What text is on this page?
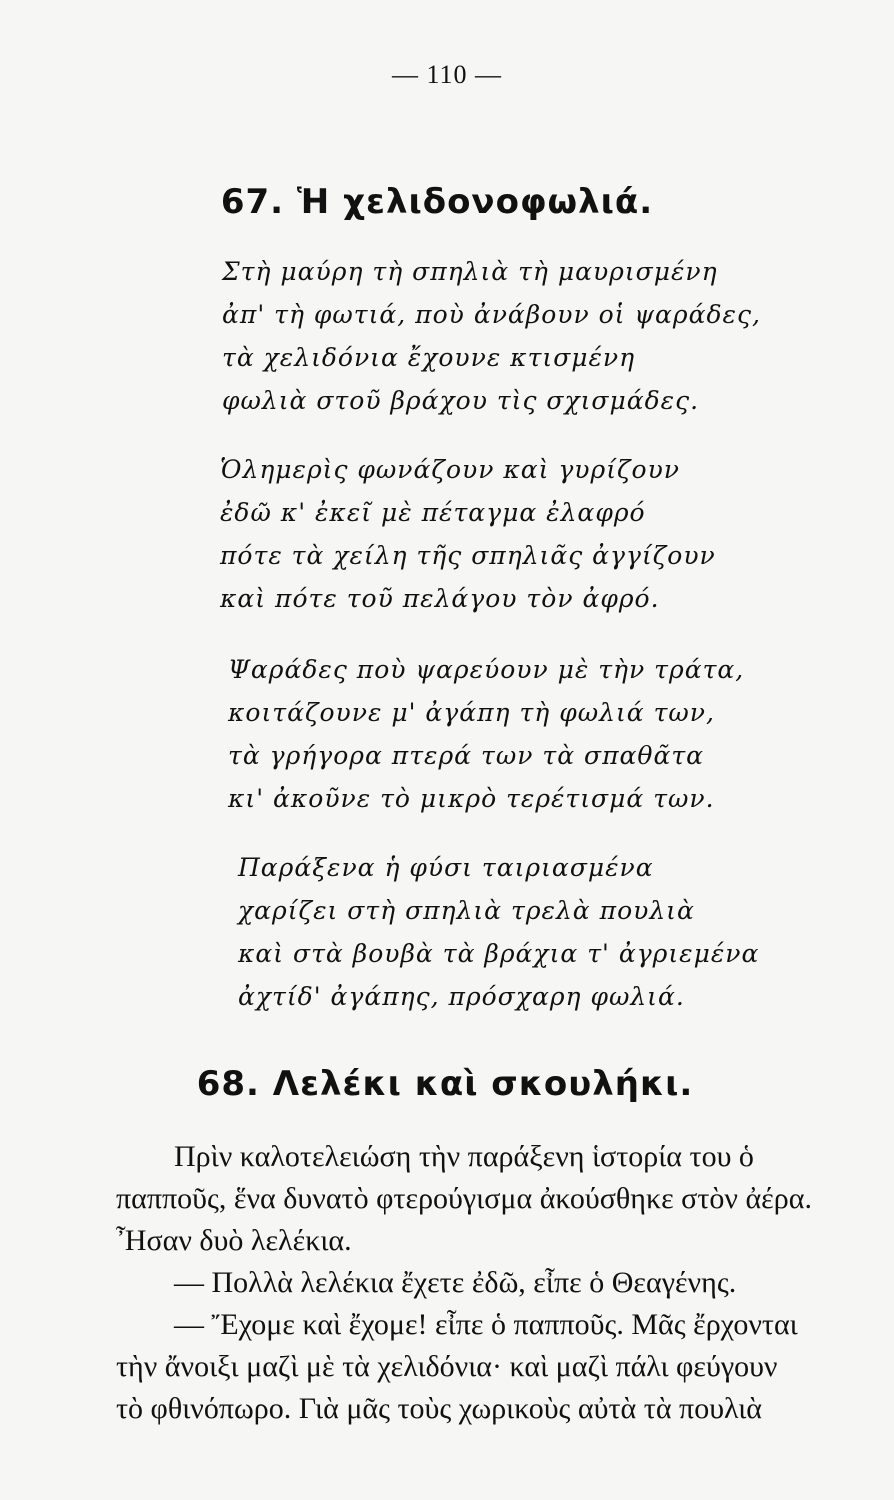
— 110 —
67. Ἡ χελιδονοφωλιά.
Στὴ μαύρη τὴ σπηλιὰ τὴ μαυρισμένη
ἀπ' τὴ φωτιά, ποὺ ἀνάβουν οἱ ψαράδες,
τὰ χελιδόνια ἔχουνε κτισμένη
φωλιὰ στοῦ βράχου τὶς σχισμάδες.
Ὁλημερὶς φωνάζουν καὶ γυρίζουν
ἐδῶ κ' ἐκεῖ μὲ πέταγμα ἐλαφρό
πότε τὰ χείλη τῆς σπηλιᾶς ἀγγίζουν
καὶ πότε τοῦ πελάγου τὸν ἀφρό.
Ψαράδες ποὺ ψαρεύουν μὲ τὴν τράτα,
κοιτάζουνε μ' ἀγάπη τὴ φωλιά των,
τὰ γρήγορα πτερά των τὰ σπαθᾶτα
κι' ἀκοῦνε τὸ μικρὸ τερέτισμά των.
Παράξενα ἡ φύσι ταιριασμένα
χαρίζει στὴ σπηλιὰ τρελὰ πουλιὰ
καὶ στὰ βουβὰ τὰ βράχια τ' ἀγριεμένα
ἀχτίδ' ἀγάπης, πρόσχαρη φωλιά.
68. Λελέκι καὶ σκουλήκι.
Πρὶν καλοτελειώση τὴν παράξενη ἱστορία του ὁ
παπποῦς, ἕνα δυνατὸ φτερούγισμα ἀκούσθηκε στὸν ἀέρα.
Ἦσαν δυὸ λελέκια.
— Πολλὰ λελέκια ἔχετε ἐδῶ, εἶπε ὁ Θεαγένης.
— Ἔχομε καὶ ἔχομε! εἶπε ὁ παπποῦς. Μᾶς ἔρχονται
τὴν ἄνοιξι μαζὶ μὲ τὰ χελιδόνια· καὶ μαζὶ πάλι φεύγουν
τὸ φθινόπωρο. Γιὰ μᾶς τοὺς χωρικοὺς αὐτὰ τὰ πουλιὰ
